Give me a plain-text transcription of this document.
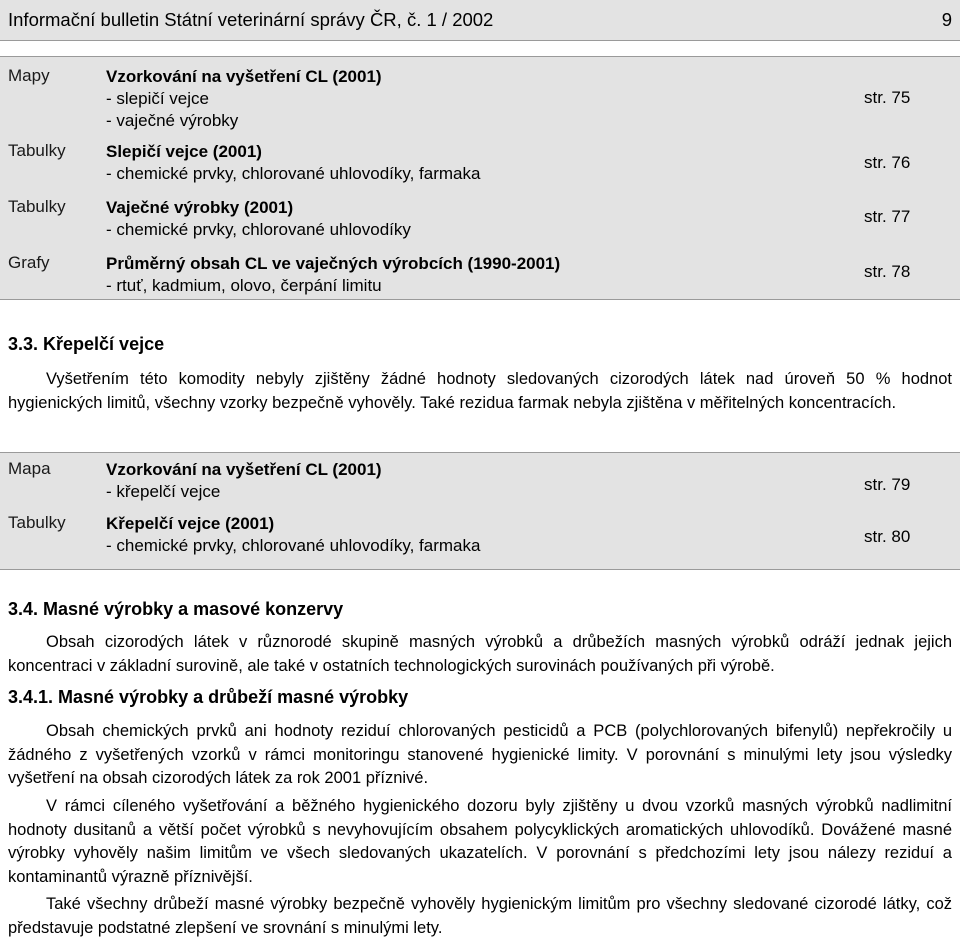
Informační bulletin Státní veterinární správy ČR, č. 1 / 2002	9
Mapy	Vzorkování na vyšetření CL (2001)
- slepičí vejce
- vaječné výrobky
str. 75
Tabulky Slepičí vejce (2001)
- chemické prvky, chlorované uhlovodíky, farmaka
str. 76
Tabulky Vaječné výrobky (2001)
- chemické prvky, chlorované uhlovodíky
str. 77
Grafy	Průměrný obsah CL ve vaječných výrobcích (1990-2001)
- rtuť, kadmium, olovo, čerpání limitu
str. 78
3.3. Křepelčí vejce

Vyšetřením této komodity nebyly zjištěny žádné hodnoty sledovaných cizorodých látek nad úroveň 50 % hodnot hygienických limitů, všechny vzorky bezpečně vyhověly. Také rezidua farmak nebyla zjištěna v měřitelných koncentracích.

Mapa	Vzorkování na vyšetření CL (2001)
- křepelčí vejce	str. 79
Tabulky Křepelčí vejce (2001)
- chemické prvky, chlorované uhlovodíky, farmaka	str. 80
3.4. Masné výrobky a masové konzervy

Obsah cizorodých látek v různorodé skupině masných výrobků a drůbežích masných výrobků odráží jednak jejich koncentraci v základní surovině, ale také v ostatních technologických surovinách používaných při výrobě.

3.4.1. Masné výrobky a drůbeží masné výrobky

Obsah chemických prvků ani hodnoty reziduí chlorovaných pesticidů a PCB (polychlorovaných bifenylů) nepřekročily u žádného z vyšetřených vzorků v rámci monitoringu stanovené hygienické limity. V porovnání s minulými lety jsou výsledky vyšetření na obsah cizorodých látek za rok 2001 příznivé.

V rámci cíleného vyšetřování a běžného hygienického dozoru byly zjištěny u dvou vzorků masných výrobků nadlimitní hodnoty dusitanů a větší počet výrobků s nevyhovujícím obsahem polycyklických aromatických uhlovodíků. Dovážené masné výrobky vyhověly našim limitům ve všech sledovaných ukazatelích. V porovnání s předchozími lety jsou nálezy reziduí a kontaminantů výrazně příznivější.

Také všechny drůbeží masné výrobky bezpečně vyhověly hygienickým limitům pro všechny sledované cizorodé látky, což představuje podstatné zlepšení ve srovnání s minulými lety.
